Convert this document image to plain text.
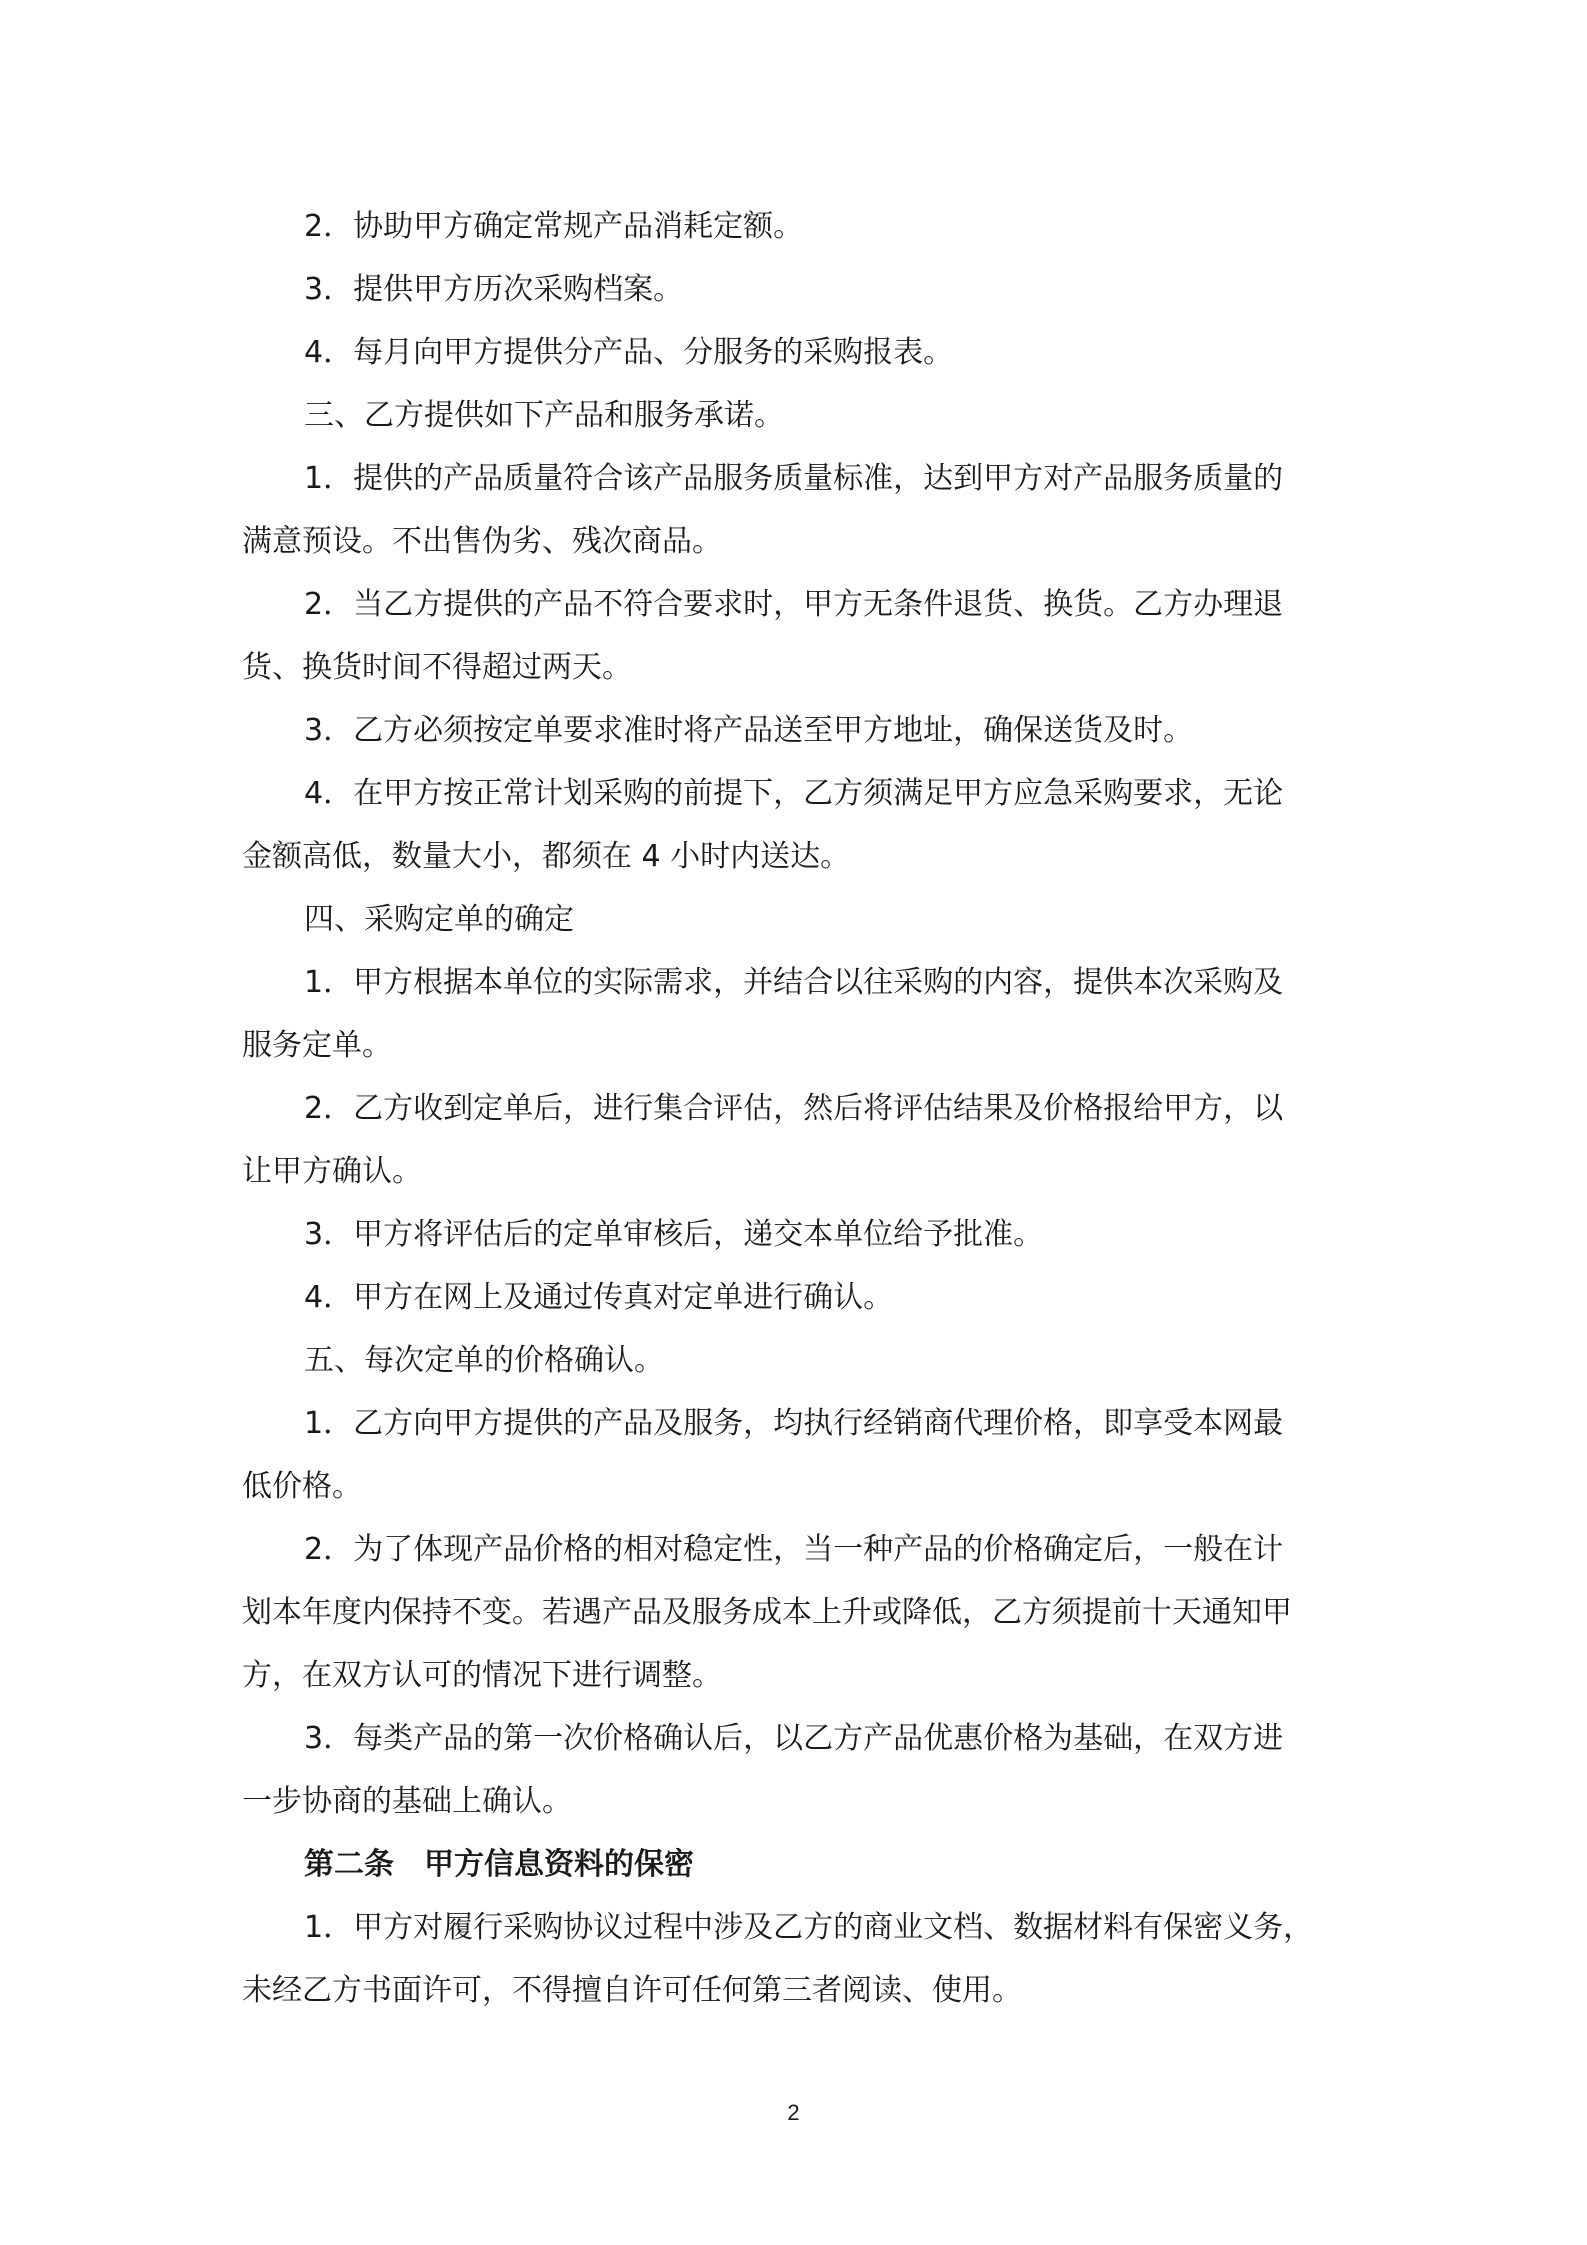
2．协助甲方确定常规产品消耗定额。
3．提供甲方历次采购档案。
4．每月向甲方提供分产品、分服务的采购报表。
三、乙方提供如下产品和服务承诺。
1．提供的产品质量符合该产品服务质量标准，达到甲方对产品服务质量的
满意预设。不出售伪劣、残次商品。
2．当乙方提供的产品不符合要求时，甲方无条件退货、换货。乙方办理退
货、换货时间不得超过两天。
3．乙方必须按定单要求准时将产品送至甲方地址，确保送货及时。
4．在甲方按正常计划采购的前提下，乙方须满足甲方应急采购要求，无论
金额高低，数量大小，都须在 4 小时内送达。
四、采购定单的确定
1．甲方根据本单位的实际需求，并结合以往采购的内容，提供本次采购及
服务定单。
2．乙方收到定单后，进行集合评估，然后将评估结果及价格报给甲方，以
让甲方确认。
3．甲方将评估后的定单审核后，递交本单位给予批准。
4．甲方在网上及通过传真对定单进行确认。
五、每次定单的价格确认。
1．乙方向甲方提供的产品及服务，均执行经销商代理价格，即享受本网最
低价格。
2．为了体现产品价格的相对稳定性，当一种产品的价格确定后，一般在计
划本年度内保持不变。若遇产品及服务成本上升或降低，乙方须提前十天通知甲
方，在双方认可的情况下进行调整。
3．每类产品的第一次价格确认后，以乙方产品优惠价格为基础，在双方进
一步协商的基础上确认。
第二条 甲方信息资料的保密
1．甲方对履行采购协议过程中涉及乙方的商业文档、数据材料有保密义务，
未经乙方书面许可，不得擅自许可任何第三者阅读、使用。
2
